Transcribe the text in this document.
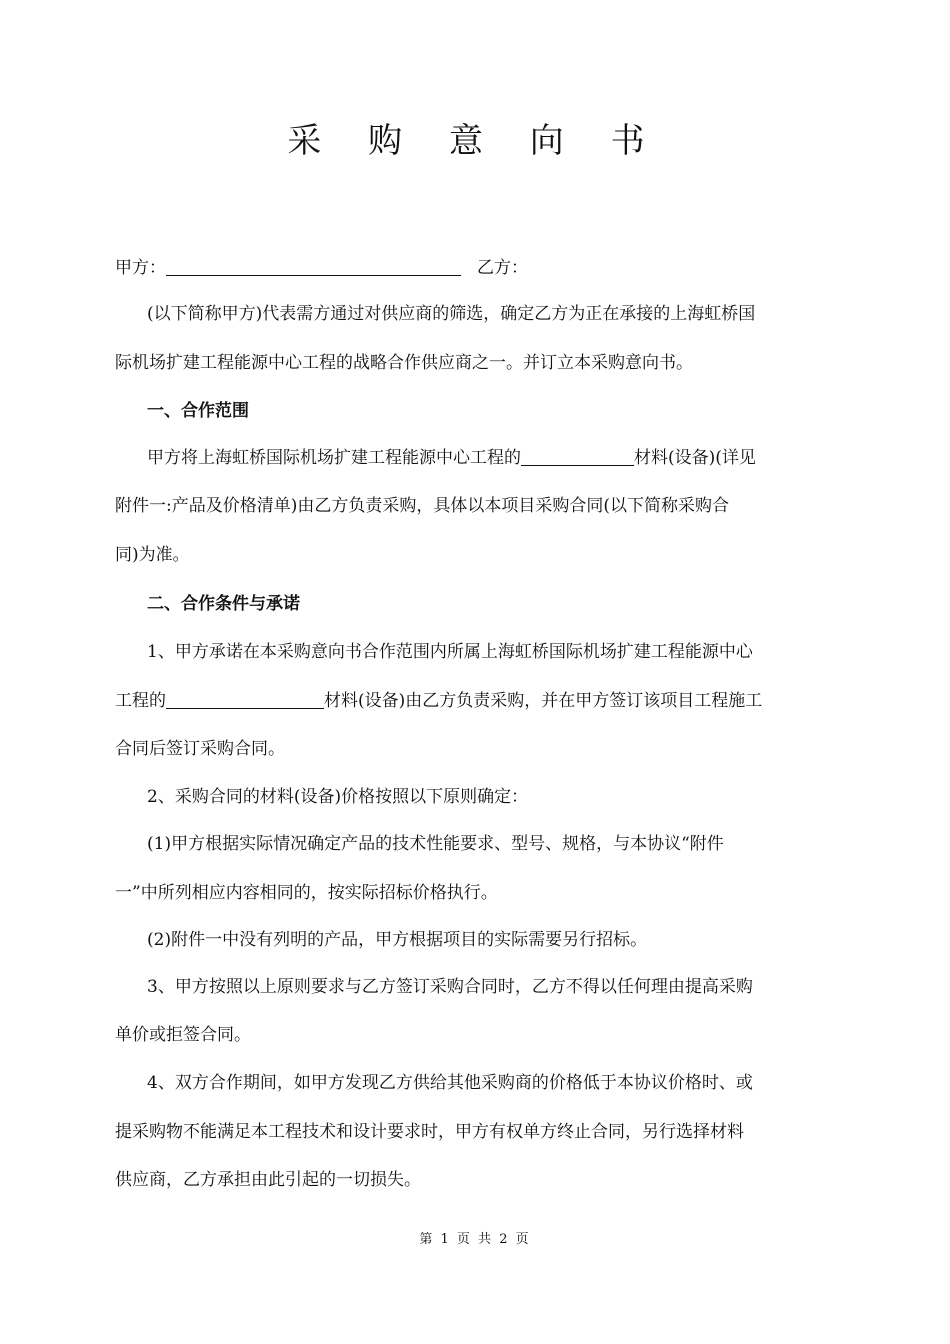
采 购 意 向 书
甲方：	乙方：
(以下简称甲方)代表需方通过对供应商的筛选，确定乙方为正在承接的上海虹桥国
际机场扩建工程能源中心工程的战略合作供应商之一。并订立本采购意向书。
一、合作范围
甲方将上海虹桥国际机场扩建工程能源中心工程的	材料(设备)(详见
附件一:产品及价格清单)由乙方负责采购，具体以本项目采购合同(以下简称采购合
同)为准。
二、合作条件与承诺
1、甲方承诺在本采购意向书合作范围内所属上海虹桥国际机场扩建工程能源中心
工程的	材料(设备)由乙方负责采购，并在甲方签订该项目工程施工
合同后签订采购合同。
2、采购合同的材料(设备)价格按照以下原则确定：
(1)甲方根据实际情况确定产品的技术性能要求、型号、规格，与本协议“附件
一”中所列相应内容相同的，按实际招标价格执行。
(2)附件一中没有列明的产品，甲方根据项目的实际需要另行招标。
3、甲方按照以上原则要求与乙方签订采购合同时，乙方不得以任何理由提高采购
单价或拒签合同。
4、双方合作期间，如甲方发现乙方供给其他采购商的价格低于本协议价格时、或
提采购物不能满足本工程技术和设计要求时，甲方有权单方终止合同，另行选择材料
供应商，乙方承担由此引起的一切损失。
第 1 页 共 2 页
